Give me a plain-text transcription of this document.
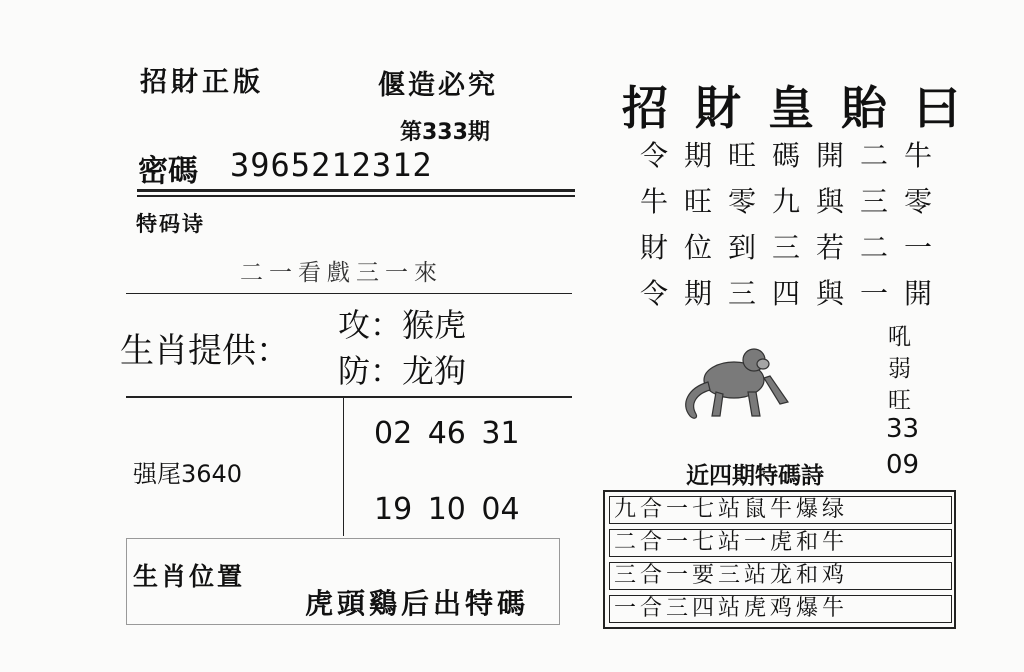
招財正版	偃造必究
第333期
密碼 3965212312
特码诗
二一看戲三一來
生肖提供：
攻：猴虎
防：龙狗
强尾3640
02 46 31
19 10 04
生肖位置
虎頭鷄后出特碼
招財皇貽曰
令期旺碼開二牛
牛旺零九與三零
財位到三若二一
令期三四與一開
吼
弱
旺
33
09
近四期特碼詩
九合一七站鼠牛爆绿
二合一七站一虎和牛
三合一要三站龙和鸡
一合三四站虎鸡爆牛
